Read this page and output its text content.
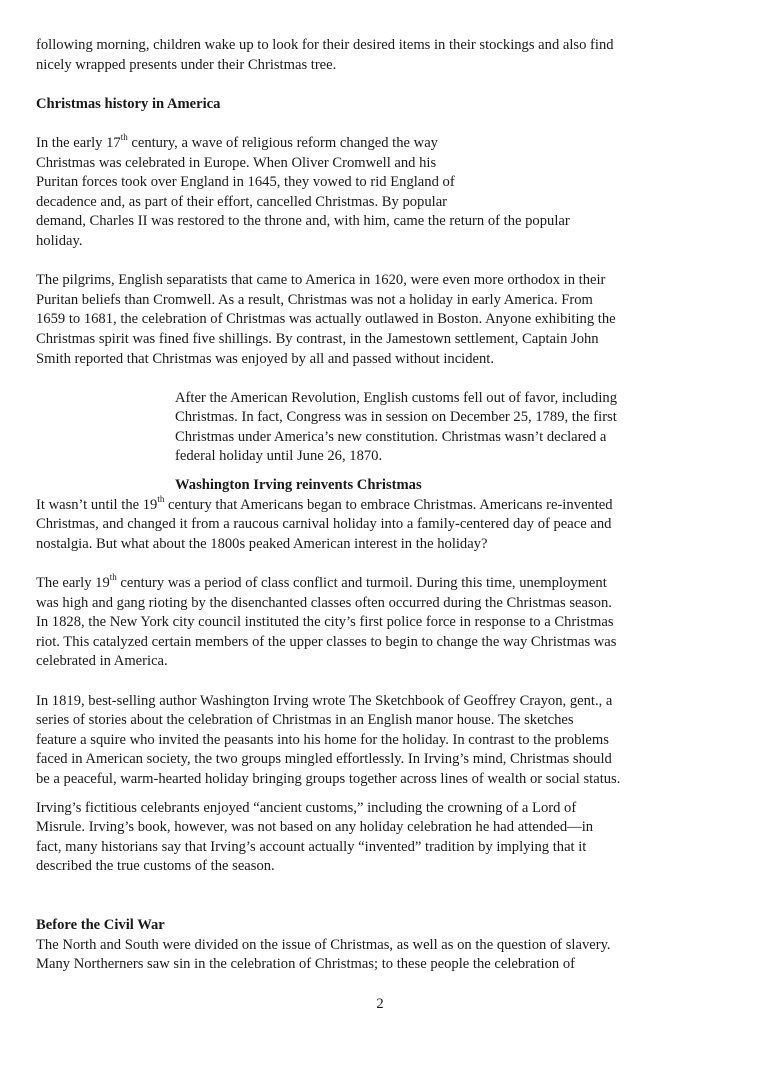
following morning, children wake up to look for their desired items in their stockings and also find
nicely wrapped presents under their Christmas tree.

Christmas history in America

In the early 17th century, a wave of religious reform changed the way
Christmas was celebrated in Europe. When Oliver Cromwell and his
Puritan forces took over England in 1645, they vowed to rid England of
decadence and, as part of their effort, cancelled Christmas. By popular
demand, Charles II was restored to the throne and, with him, came the return of the popular
holiday.

The pilgrims, English separatists that came to America in 1620, were even more orthodox in their
Puritan beliefs than Cromwell. As a result, Christmas was not a holiday in early America. From
1659 to 1681, the celebration of Christmas was actually outlawed in Boston. Anyone exhibiting the
Christmas spirit was fined five shillings. By contrast, in the Jamestown settlement, Captain John
Smith reported that Christmas was enjoyed by all and passed without incident.

After the American Revolution, English customs fell out of favor, including
Christmas. In fact, Congress was in session on December 25, 1789, the first
Christmas under America’s new constitution. Christmas wasn’t declared a
federal holiday until June 26, 1870.

Washington Irving reinvents Christmas

It wasn’t until the 19th century that Americans began to embrace Christmas. Americans re-invented
Christmas, and changed it from a raucous carnival holiday into a family-centered day of peace and
nostalgia. But what about the 1800s peaked American interest in the holiday?

The early 19th century was a period of class conflict and turmoil. During this time, unemployment
was high and gang rioting by the disenchanted classes often occurred during the Christmas season.
In 1828, the New York city council instituted the city’s first police force in response to a Christmas
riot. This catalyzed certain members of the upper classes to begin to change the way Christmas was
celebrated in America.

In 1819, best-selling author Washington Irving wrote The Sketchbook of Geoffrey Crayon, gent., a
series of stories about the celebration of Christmas in an English manor house. The sketches
feature a squire who invited the peasants into his home for the holiday. In contrast to the problems
faced in American society, the two groups mingled effortlessly. In Irving’s mind, Christmas should
be a peaceful, warm-hearted holiday bringing groups together across lines of wealth or social status.

Irving’s fictitious celebrants enjoyed “ancient customs,” including the crowning of a Lord of
Misrule. Irving’s book, however, was not based on any holiday celebration he had attended—in
fact, many historians say that Irving’s account actually “invented” tradition by implying that it
described the true customs of the season.

Before the Civil War

The North and South were divided on the issue of Christmas, as well as on the question of slavery.
Many Northerners saw sin in the celebration of Christmas; to these people the celebration of

2
